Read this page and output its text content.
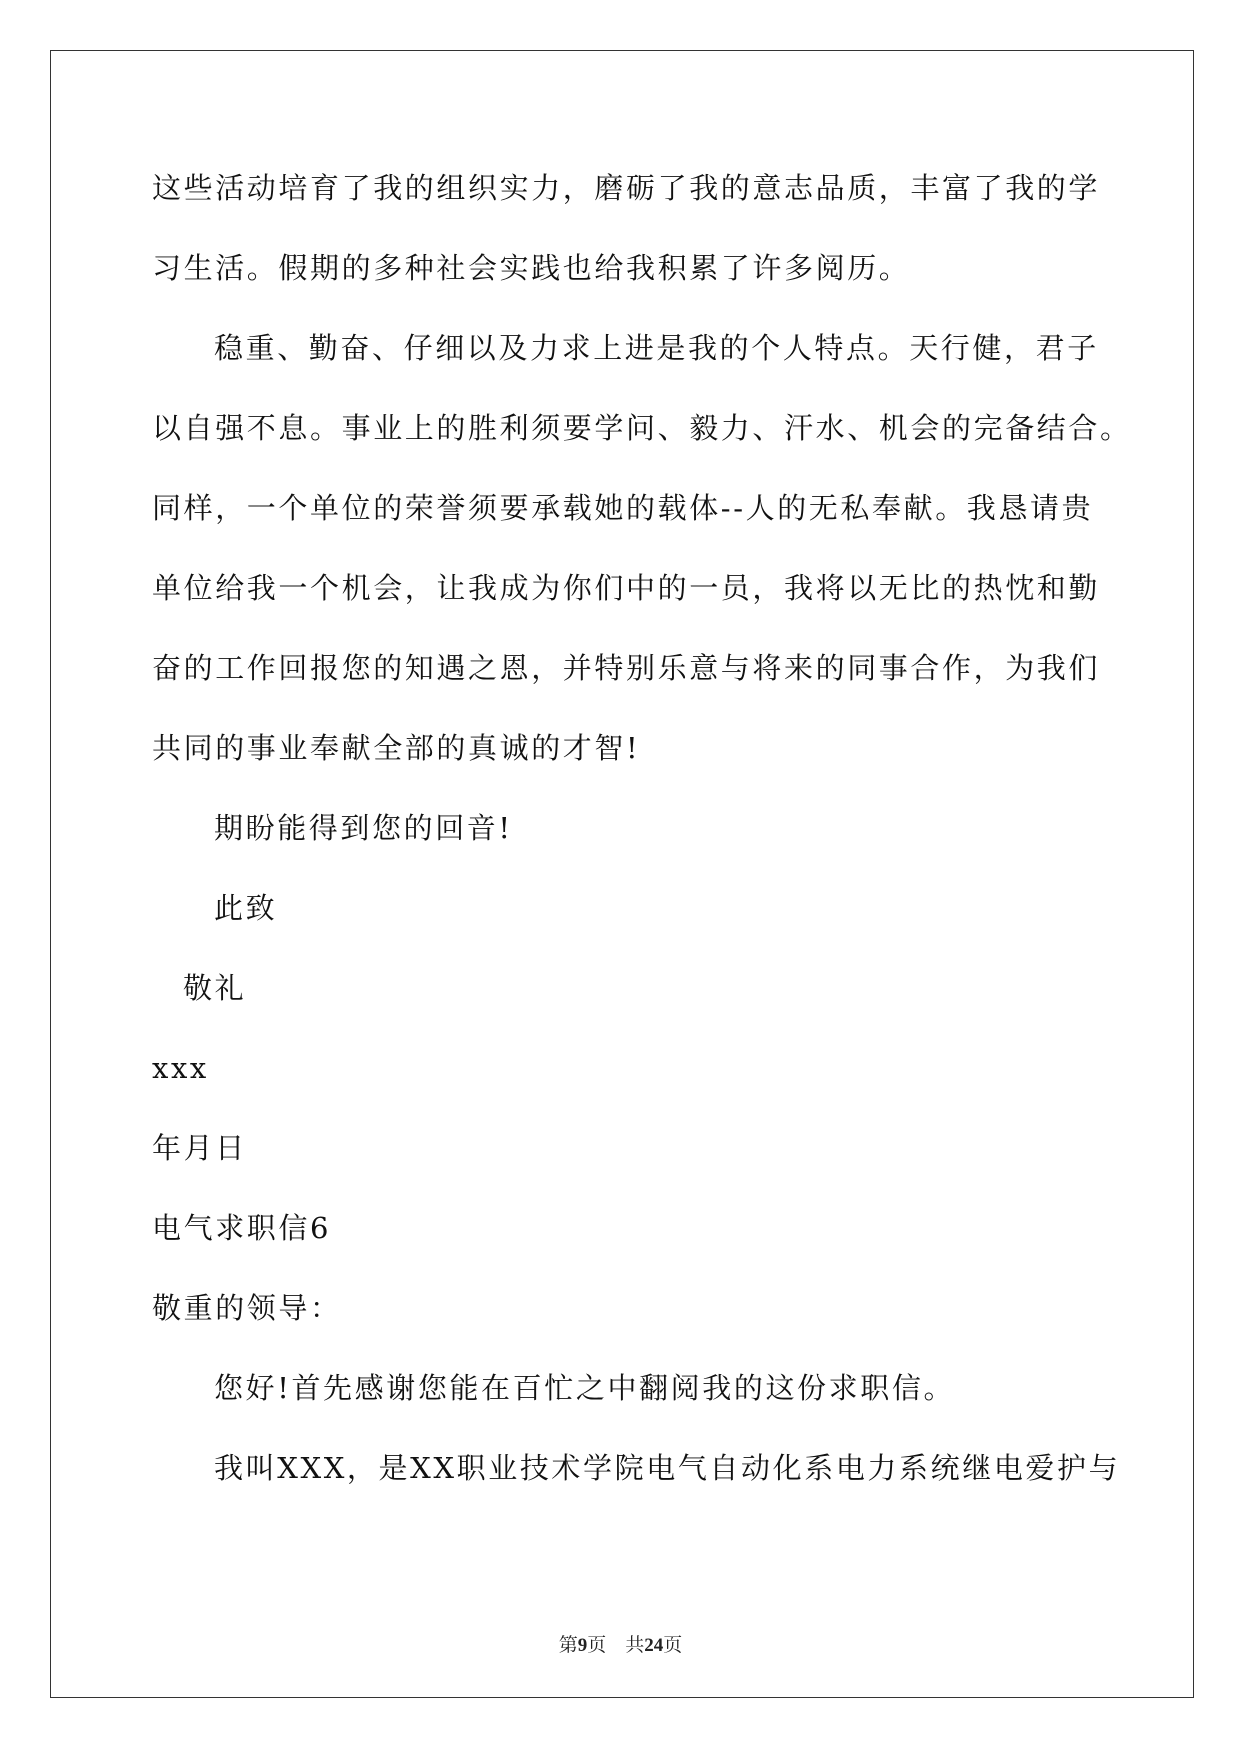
这些活动培育了我的组织实力，磨砺了我的意志品质，丰富了我的学
习生活。假期的多种社会实践也给我积累了许多阅历。
稳重、勤奋、仔细以及力求上进是我的个人特点。天行健，君子
以自强不息。事业上的胜利须要学问、毅力、汗水、机会的完备结合。
同样，一个单位的荣誉须要承载她的载体--人的无私奉献。我恳请贵
单位给我一个机会，让我成为你们中的一员，我将以无比的热忱和勤
奋的工作回报您的知遇之恩，并特别乐意与将来的同事合作，为我们
共同的事业奉献全部的真诚的才智!
期盼能得到您的回音!
此致
敬礼
xxx
年月日
电气求职信6
敬重的领导：
您好!首先感谢您能在百忙之中翻阅我的这份求职信。
我叫XXX，是XX职业技术学院电气自动化系电力系统继电爱护与
第9页 共24页
